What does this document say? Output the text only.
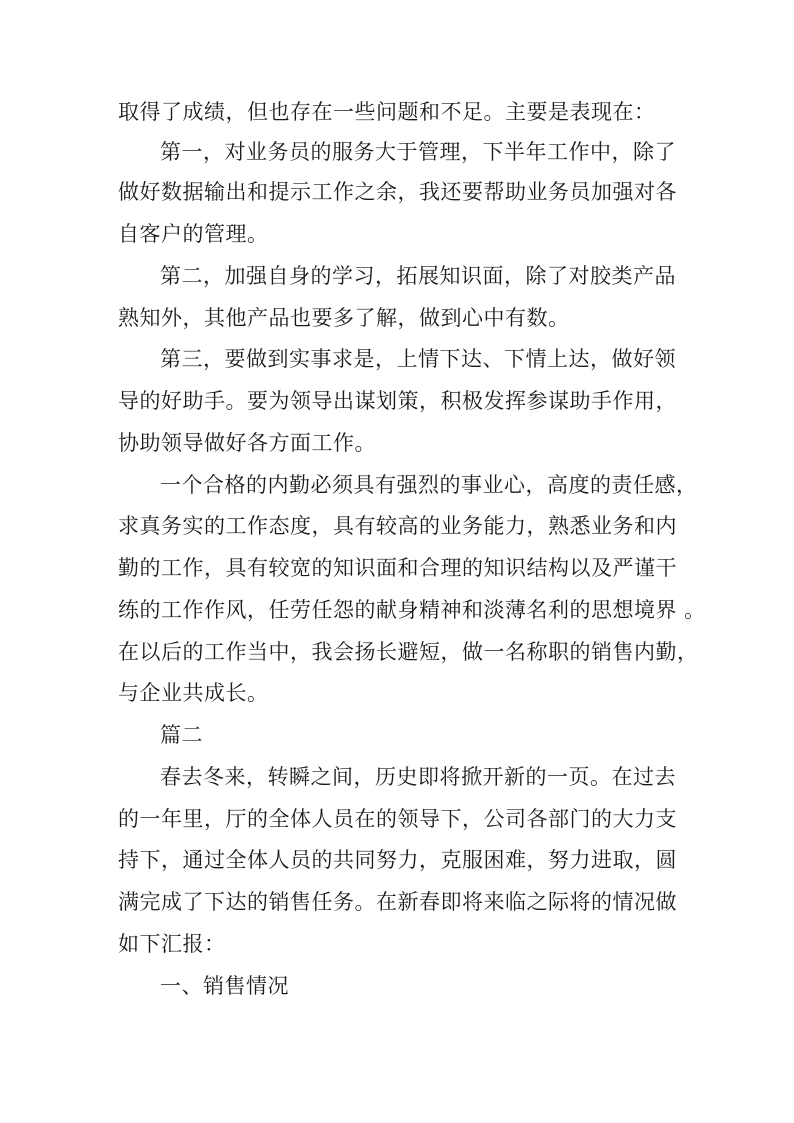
取得了成绩，但也存在一些问题和不足。主要是表现在：
第一，对业务员的服务大于管理，下半年工作中，除了
做好数据输出和提示工作之余，我还要帮助业务员加强对各
自客户的管理。
第二，加强自身的学习，拓展知识面，除了对胶类产品
熟知外，其他产品也要多了解，做到心中有数。
第三，要做到实事求是，上情下达、下情上达，做好领
导的好助手。要为领导出谋划策，积极发挥参谋助手作用，
协助领导做好各方面工作。
一个合格的内勤必须具有强烈的事业心，高度的责任感，
求真务实的工作态度，具有较高的业务能力，熟悉业务和内
勤的工作，具有较宽的知识面和合理的知识结构以及严谨干
练的工作作风，任劳任怨的献身精神和淡薄名利的思想境界 。
在以后的工作当中，我会扬长避短，做一名称职的销售内勤，
与企业共成长。
篇二
春去冬来，转瞬之间，历史即将掀开新的一页。在过去
的一年里，厅的全体人员在的领导下，公司各部门的大力支
持下，通过全体人员的共同努力，克服困难，努力进取，圆
满完成了下达的销售任务。在新春即将来临之际将的情况做
如下汇报：
一、销售情况
